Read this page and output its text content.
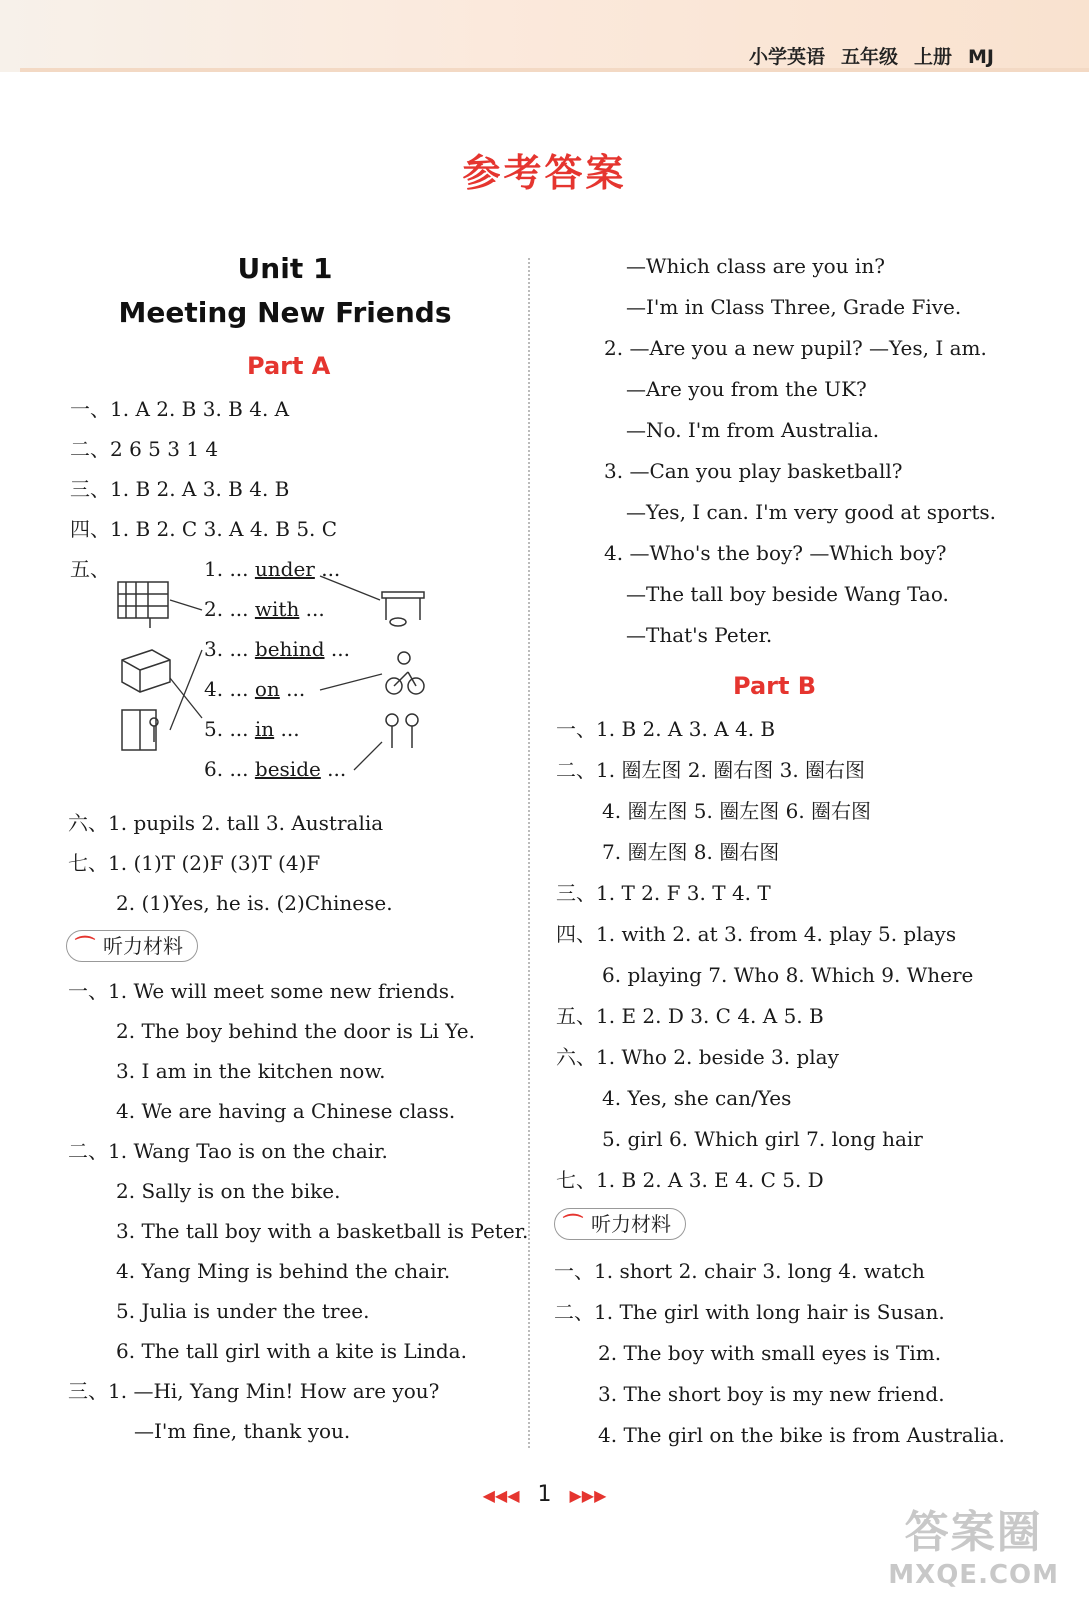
小学英语 五年级 上册 MJ
参考答案
Unit 1
Meeting New Friends
Part A
一、1. A 2. B 3. B 4. A
二、2 6 5 3 1 4
三、1. B 2. A 3. B 4. B
四、1. B 2. C 3. A 4. B 5. C
五、	1. ... under ...
2. ... with ...
3. ... behind ...
4. ... on ...
5. ... in ...
6. ... beside ...
六、1. pupils 2. tall 3. Australia
七、1. (1)T (2)F (3)T (4)F
2. (1)Yes, he is. (2)Chinese.
⌒ 听力材料
一、1. We will meet some new friends.
2. The boy behind the door is Li Ye.
3. I am in the kitchen now.
4. We are having a Chinese class.
二、1. Wang Tao is on the chair.
2. Sally is on the bike.
3. The tall boy with a basketball is Peter.
4. Yang Ming is behind the chair.
5. Julia is under the tree.
6. The tall girl with a kite is Linda.
三、1. —Hi, Yang Min! How are you?
—I'm fine, thank you.
—Which class are you in?
—I'm in Class Three, Grade Five.
2. —Are you a new pupil? —Yes, I am.
—Are you from the UK?
—No. I'm from Australia.
3. —Can you play basketball?
—Yes, I can. I'm very good at sports.
4. —Who's the boy? —Which boy?
—The tall boy beside Wang Tao.
—That's Peter.
Part B
一、1. B 2. A 3. A 4. B
二、1. 圈左图 2. 圈右图 3. 圈右图
4. 圈左图 5. 圈左图 6. 圈右图
7. 圈左图 8. 圈右图
三、1. T 2. F 3. T 4. T
四、1. with 2. at 3. from 4. play 5. plays
6. playing 7. Who 8. Which 9. Where
五、1. E 2. D 3. C 4. A 5. B
六、1. Who 2. beside 3. play
4. Yes, she can/Yes
5. girl 6. Which girl 7. long hair
七、1. B 2. A 3. E 4. C 5. D
⌒ 听力材料
一、1. short 2. chair 3. long 4. watch
二、1. The girl with long hair is Susan.
2. The boy with small eyes is Tim.
3. The short boy is my new friend.
4. The girl on the bike is from Australia.
◀◀◀ 1 ▶▶▶
答案圈
MXQE.COM
